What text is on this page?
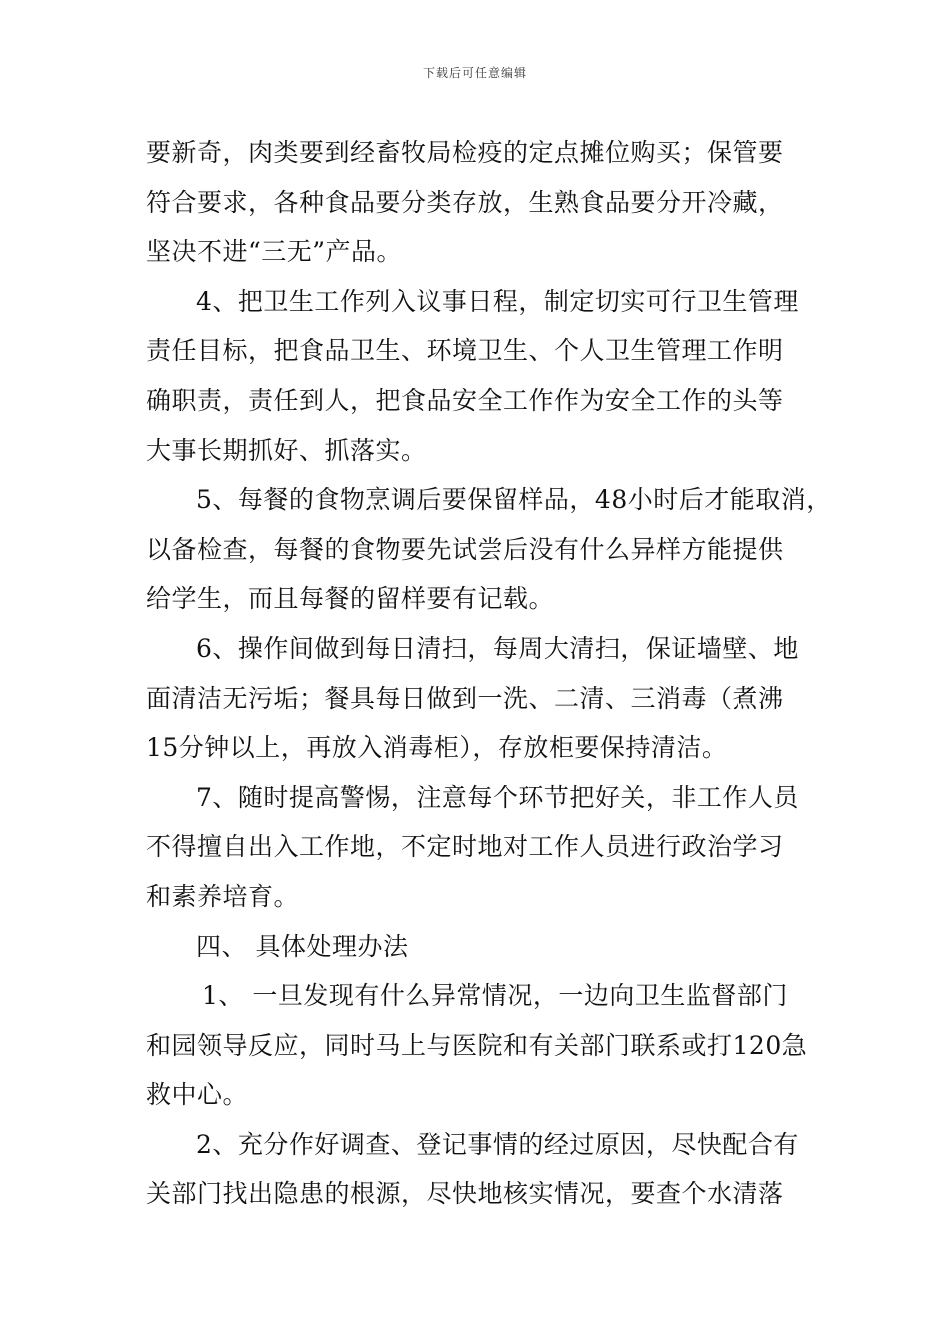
下载后可任意编辑
要新奇，肉类要到经畜牧局检疫的定点摊位购买；保管要
符合要求，各种食品要分类存放，生熟食品要分开冷藏，
坚决不进“三无”产品。
4、把卫生工作列入议事日程，制定切实可行卫生管理
责任目标，把食品卫生、环境卫生、个人卫生管理工作明
确职责，责任到人，把食品安全工作作为安全工作的头等
大事长期抓好、抓落实。
5、每餐的食物烹调后要保留样品，48小时后才能取消，
以备检查，每餐的食物要先试尝后没有什么异样方能提供
给学生，而且每餐的留样要有记载。
6、操作间做到每日清扫，每周大清扫，保证墙壁、地
面清洁无污垢；餐具每日做到一洗、二清、三消毒（煮沸
15分钟以上，再放入消毒柜），存放柜要保持清洁。
7、随时提高警惕，注意每个环节把好关，非工作人员
不得擅自出入工作地，不定时地对工作人员进行政治学习
和素养培育。
四、 具体处理办法
1、 一旦发现有什么异常情况，一边向卫生监督部门
和园领导反应，同时马上与医院和有关部门联系或打120急
救中心。
2、充分作好调查、登记事情的经过原因，尽快配合有
关部门找出隐患的根源，尽快地核实情况，要查个水清落
